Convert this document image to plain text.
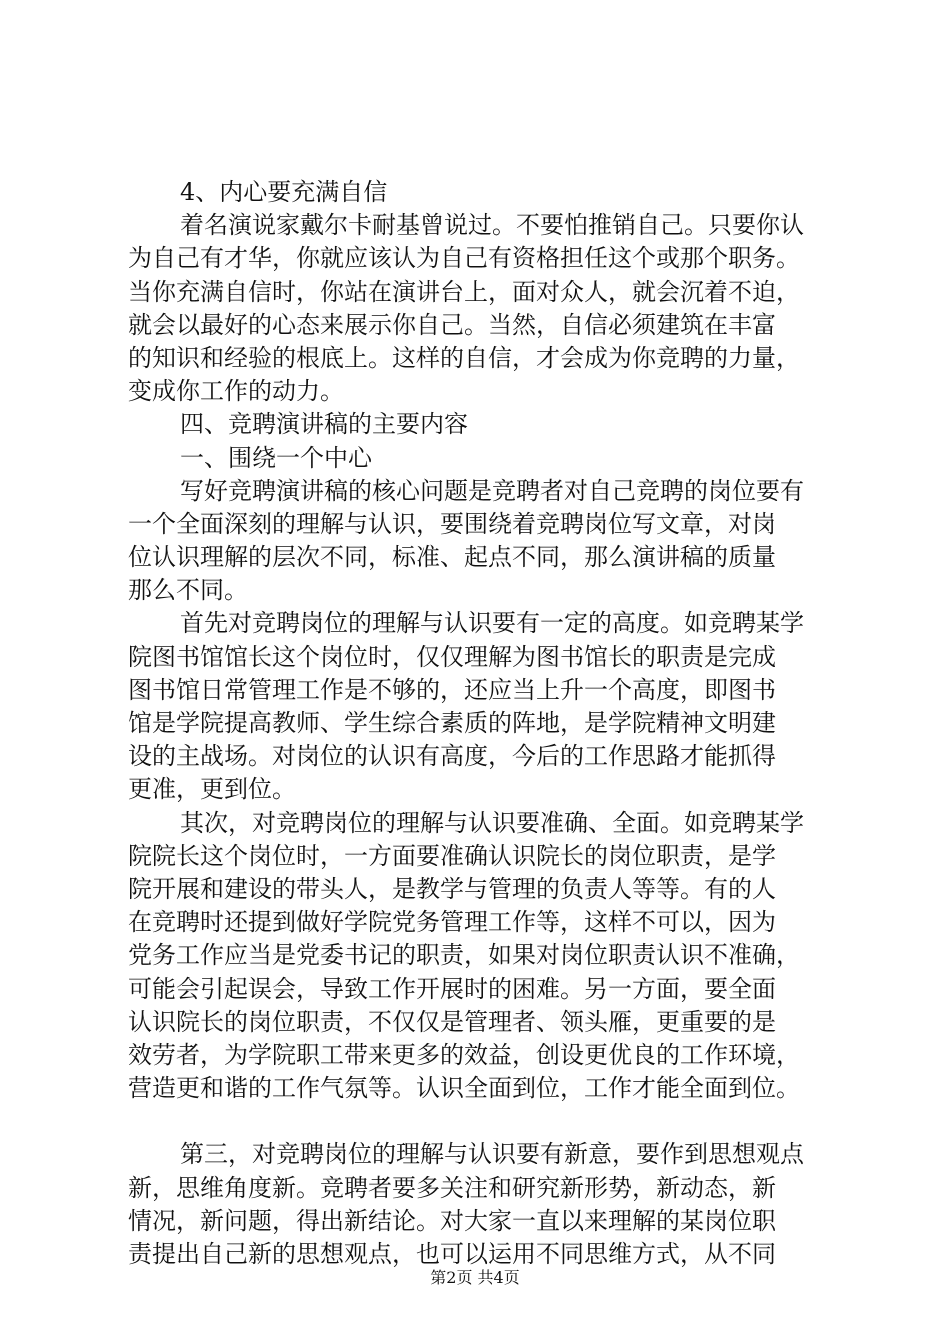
4、内心要充满自信
着名演说家戴尔卡耐基曾说过。不要怕推销自己。只要你认
为自己有才华，你就应该认为自己有资格担任这个或那个职务。
当你充满自信时，你站在演讲台上，面对众人，就会沉着不迫，
就会以最好的心态来展示你自己。当然，自信必须建筑在丰富
的知识和经验的根底上。这样的自信，才会成为你竞聘的力量，
变成你工作的动力。
四、竞聘演讲稿的主要内容
一、围绕一个中心
写好竞聘演讲稿的核心问题是竞聘者对自己竞聘的岗位要有
一个全面深刻的理解与认识，要围绕着竞聘岗位写文章，对岗
位认识理解的层次不同，标准、起点不同，那么演讲稿的质量
那么不同。
首先对竞聘岗位的理解与认识要有一定的高度。如竞聘某学
院图书馆馆长这个岗位时，仅仅理解为图书馆长的职责是完成
图书馆日常管理工作是不够的，还应当上升一个高度，即图书
馆是学院提高教师、学生综合素质的阵地，是学院精神文明建
设的主战场。对岗位的认识有高度，今后的工作思路才能抓得
更准，更到位。
其次，对竞聘岗位的理解与认识要准确、全面。如竞聘某学
院院长这个岗位时，一方面要准确认识院长的岗位职责，是学
院开展和建设的带头人，是教学与管理的负责人等等。有的人
在竞聘时还提到做好学院党务管理工作等，这样不可以，因为
党务工作应当是党委书记的职责，如果对岗位职责认识不准确，
可能会引起误会，导致工作开展时的困难。另一方面，要全面
认识院长的岗位职责，不仅仅是管理者、领头雁，更重要的是
效劳者，为学院职工带来更多的效益，创设更优良的工作环境，
营造更和谐的工作气氛等。认识全面到位，工作才能全面到位。
第三，对竞聘岗位的理解与认识要有新意，要作到思想观点
新，思维角度新。竞聘者要多关注和研究新形势，新动态，新
情况，新问题，得出新结论。对大家一直以来理解的某岗位职
责提出自己新的思想观点，也可以运用不同思维方式，从不同
第2页 共4页
